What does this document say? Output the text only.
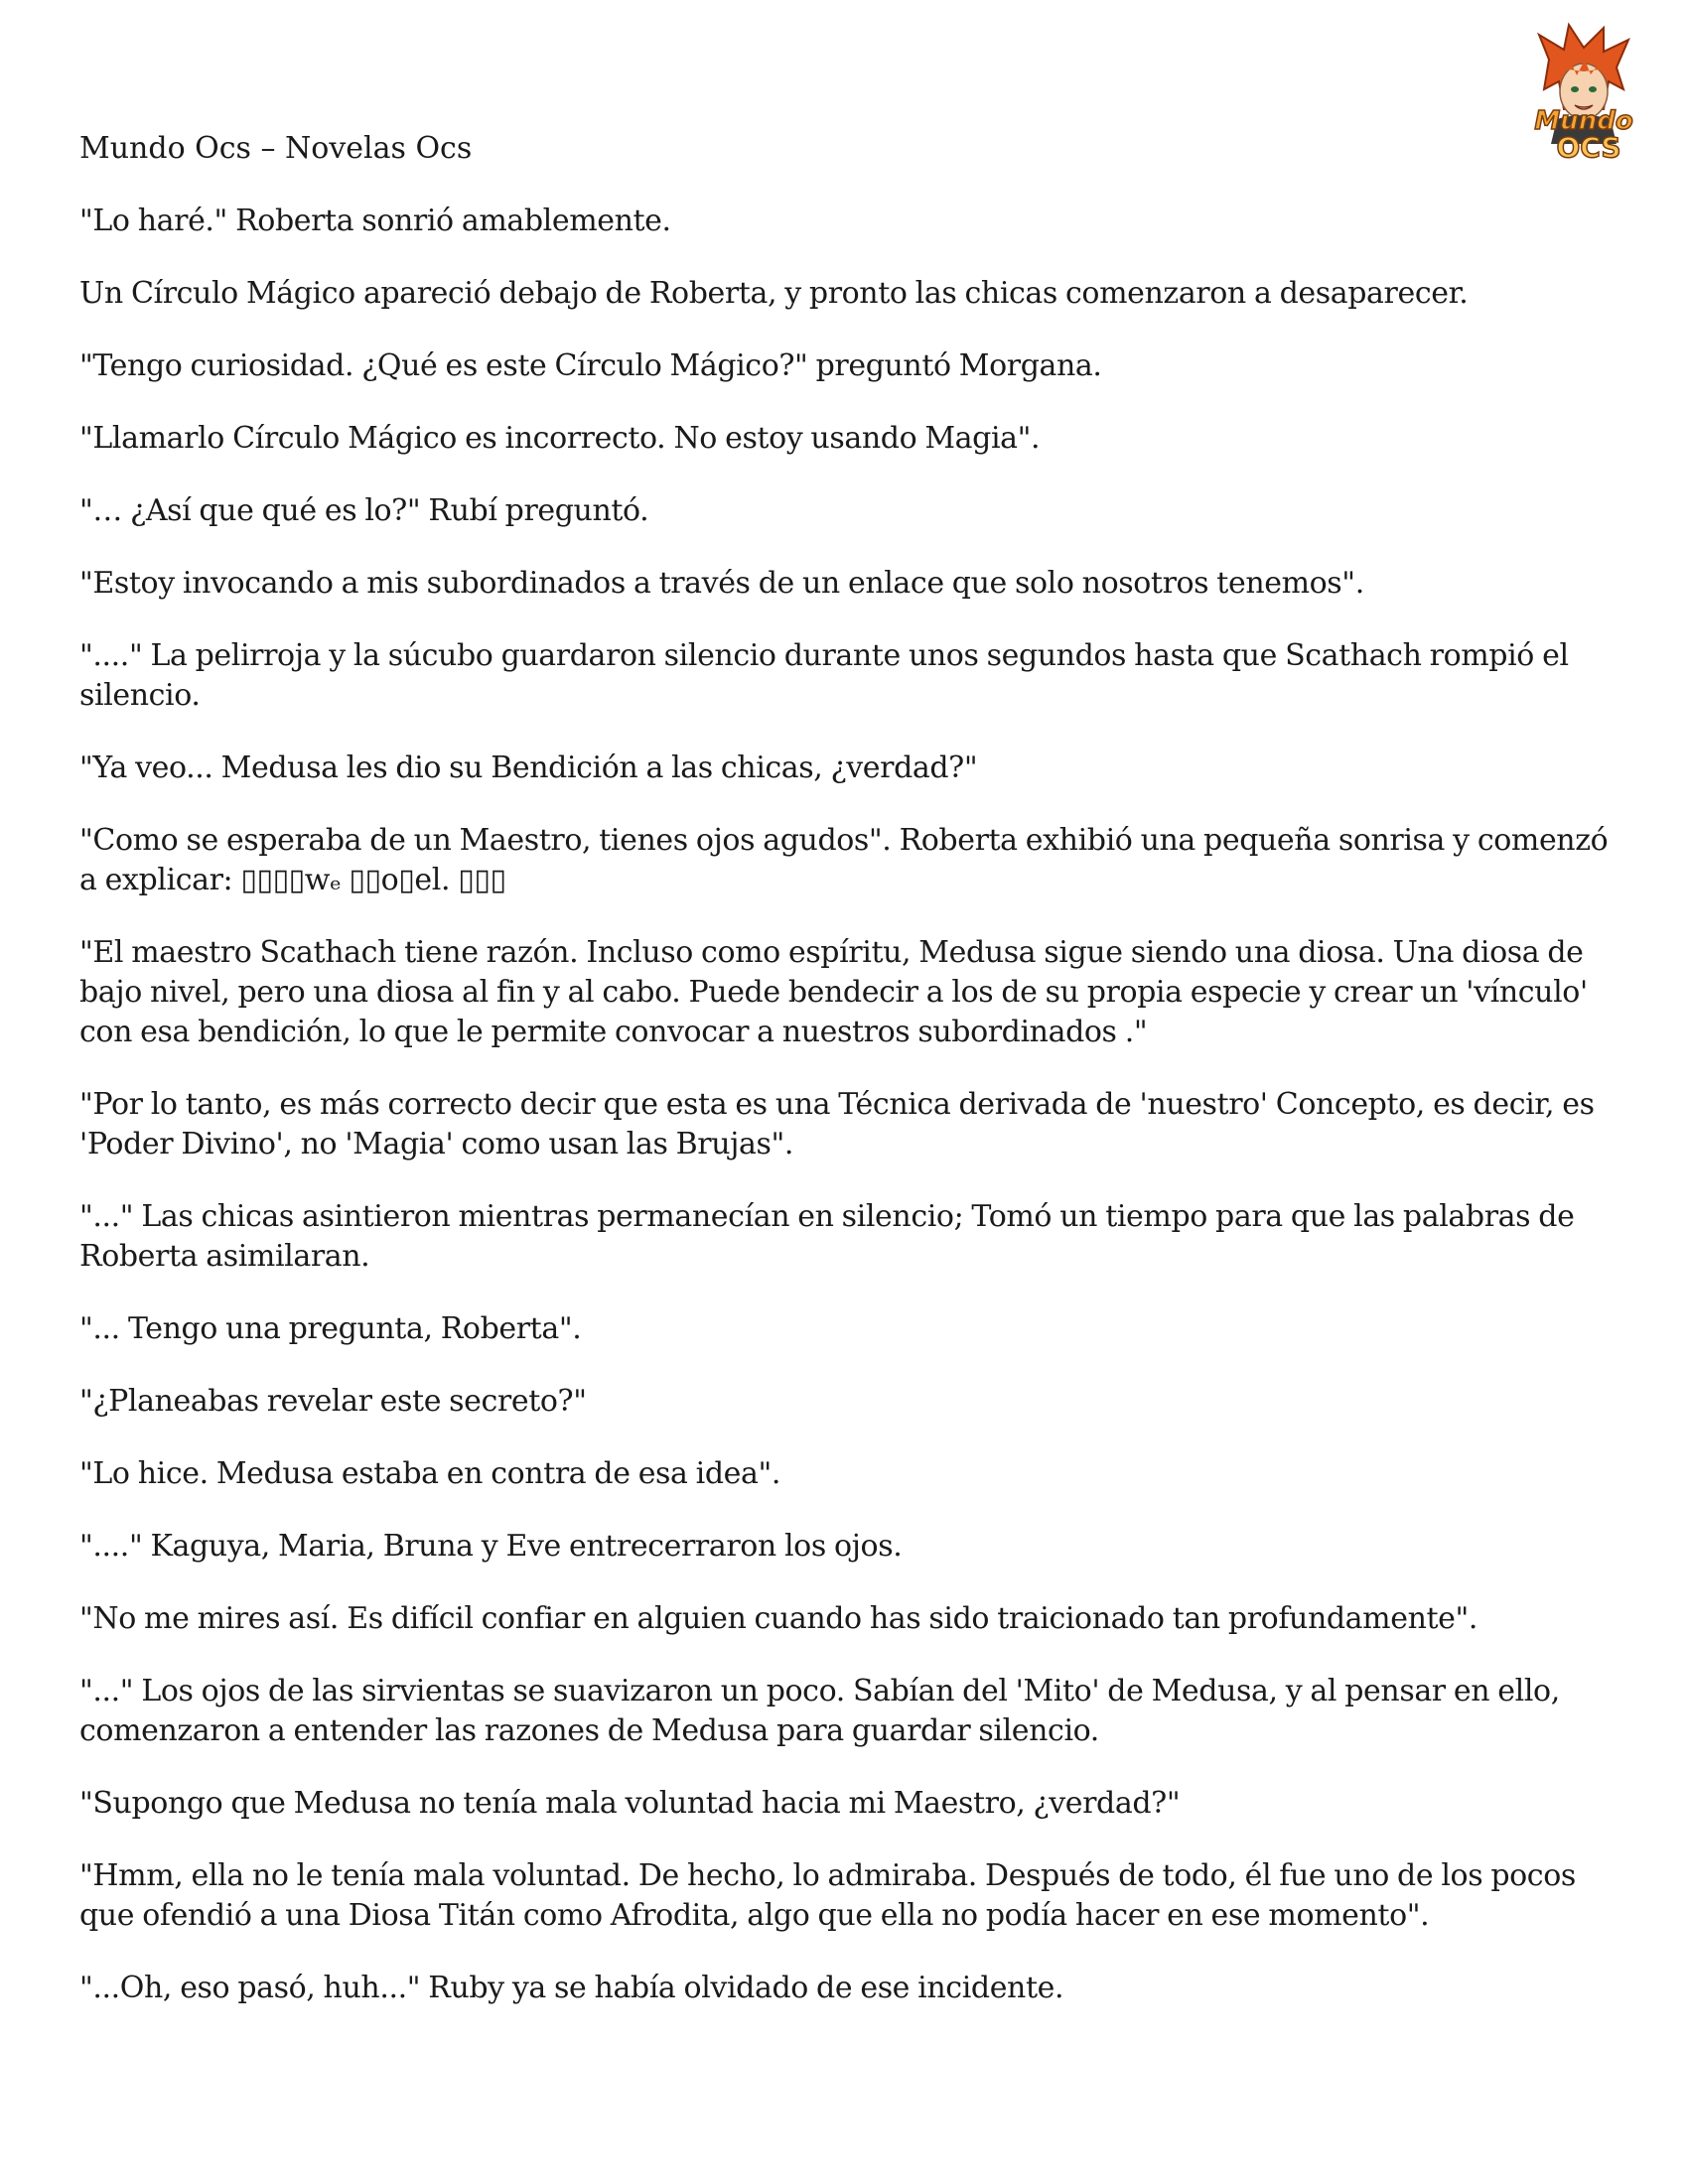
Mundo
OCS
Mundo Ocs – Novelas Ocs

"Lo haré." Roberta sonrió amablemente.

Un Círculo Mágico apareció debajo de Roberta, y pronto las chicas comenzaron a desaparecer.

"Tengo curiosidad. ¿Qué es este Círculo Mágico?" preguntó Morgana.

"Llamarlo Círculo Mágico es incorrecto. No estoy usando Magia".

"… ¿Así que qué es lo?" Rubí preguntó.

"Estoy invocando a mis subordinados a través de un enlace que solo nosotros tenemos".

"...." La pelirroja y la súcubo guardaron silencio durante unos segundos hasta que Scathach rompió el silencio.

"Ya veo... Medusa les dio su Bendición a las chicas, ¿verdad?"

"Como se esperaba de un Maestro, tienes ojos agudos". Roberta exhibió una pequeña sonrisa y comenzó a explicar: ▯▯▯▯wₑ ▯▯o▯el. ▯▯▯

"El maestro Scathach tiene razón. Incluso como espíritu, Medusa sigue siendo una diosa. Una diosa de bajo nivel, pero una diosa al fin y al cabo. Puede bendecir a los de su propia especie y crear un 'vínculo' con esa bendición, lo que le permite convocar a nuestros subordinados ."

"Por lo tanto, es más correcto decir que esta es una Técnica derivada de 'nuestro' Concepto, es decir, es 'Poder Divino', no 'Magia' como usan las Brujas".

"..." Las chicas asintieron mientras permanecían en silencio; Tomó un tiempo para que las palabras de Roberta asimilaran.

"... Tengo una pregunta, Roberta".

"¿Planeabas revelar este secreto?"

"Lo hice. Medusa estaba en contra de esa idea".

"...." Kaguya, Maria, Bruna y Eve entrecerraron los ojos.

"No me mires así. Es difícil confiar en alguien cuando has sido traicionado tan profundamente".

"..." Los ojos de las sirvientas se suavizaron un poco. Sabían del 'Mito' de Medusa, y al pensar en ello, comenzaron a entender las razones de Medusa para guardar silencio.

"Supongo que Medusa no tenía mala voluntad hacia mi Maestro, ¿verdad?"

"Hmm, ella no le tenía mala voluntad. De hecho, lo admiraba. Después de todo, él fue uno de los pocos que ofendió a una Diosa Titán como Afrodita, algo que ella no podía hacer en ese momento".

"...Oh, eso pasó, huh..." Ruby ya se había olvidado de ese incidente.
